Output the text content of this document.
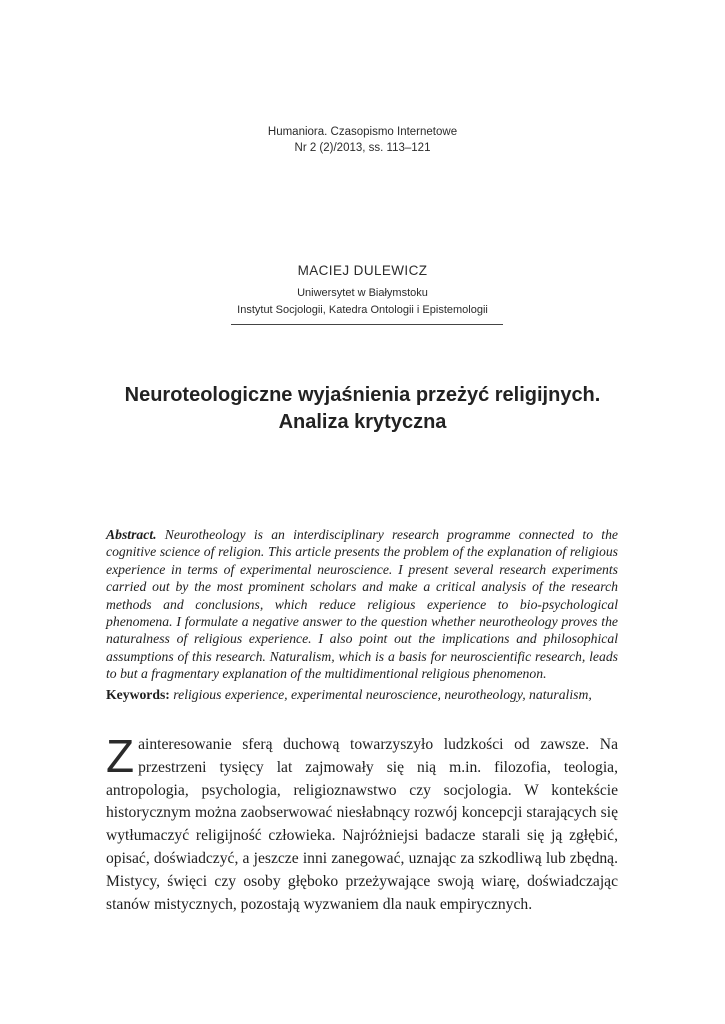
Humaniora. Czasopismo Internetowe
Nr 2 (2)/2013, ss. 113–121
MACIEJ DULEWICZ
Uniwersytet w Białymstoku
Instytut Socjologii, Katedra Ontologii i Epistemologii
Neuroteologiczne wyjaśnienia przeżyć religijnych.
Analiza krytyczna
Abstract. Neurotheology is an interdisciplinary research programme connected to the cognitive science of religion. This article presents the problem of the explanation of religious experience in terms of experimental neuroscience. I present several research experiments carried out by the most prominent scholars and make a critical analysis of the research methods and conclusions, which reduce religious experience to bio-psychological phenomena. I formulate a negative answer to the question whether neurotheology proves the naturalness of religious experience. I also point out the implications and philosophical assumptions of this research. Naturalism, which is a basis for neuroscientific research, leads to but a fragmentary explanation of the multidimentional religious phenomenon.
Keywords: religious experience, experimental neuroscience, neurotheology, naturalism,
Zainteresowanie sferą duchową towarzyszyło ludzkości od zawsze. Na przestrzeni tysięcy lat zajmowały się nią m.in. filozofia, teologia, antropologia, psychologia, religioznawstwo czy socjologia. W kontekście historycznym można zaobserwować niesłabnący rozwój koncepcji starających się wytłumaczyć religijność człowieka. Najróżniejsi badacze starali się ją zgłębić, opisać, doświadczyć, a jeszcze inni zanegować, uznając za szkodliwą lub zbędną. Mistycy, święci czy osoby głęboko przeżywające swoją wiarę, doświadczając stanów mistycznych, pozostają wyzwaniem dla nauk empirycznych.
